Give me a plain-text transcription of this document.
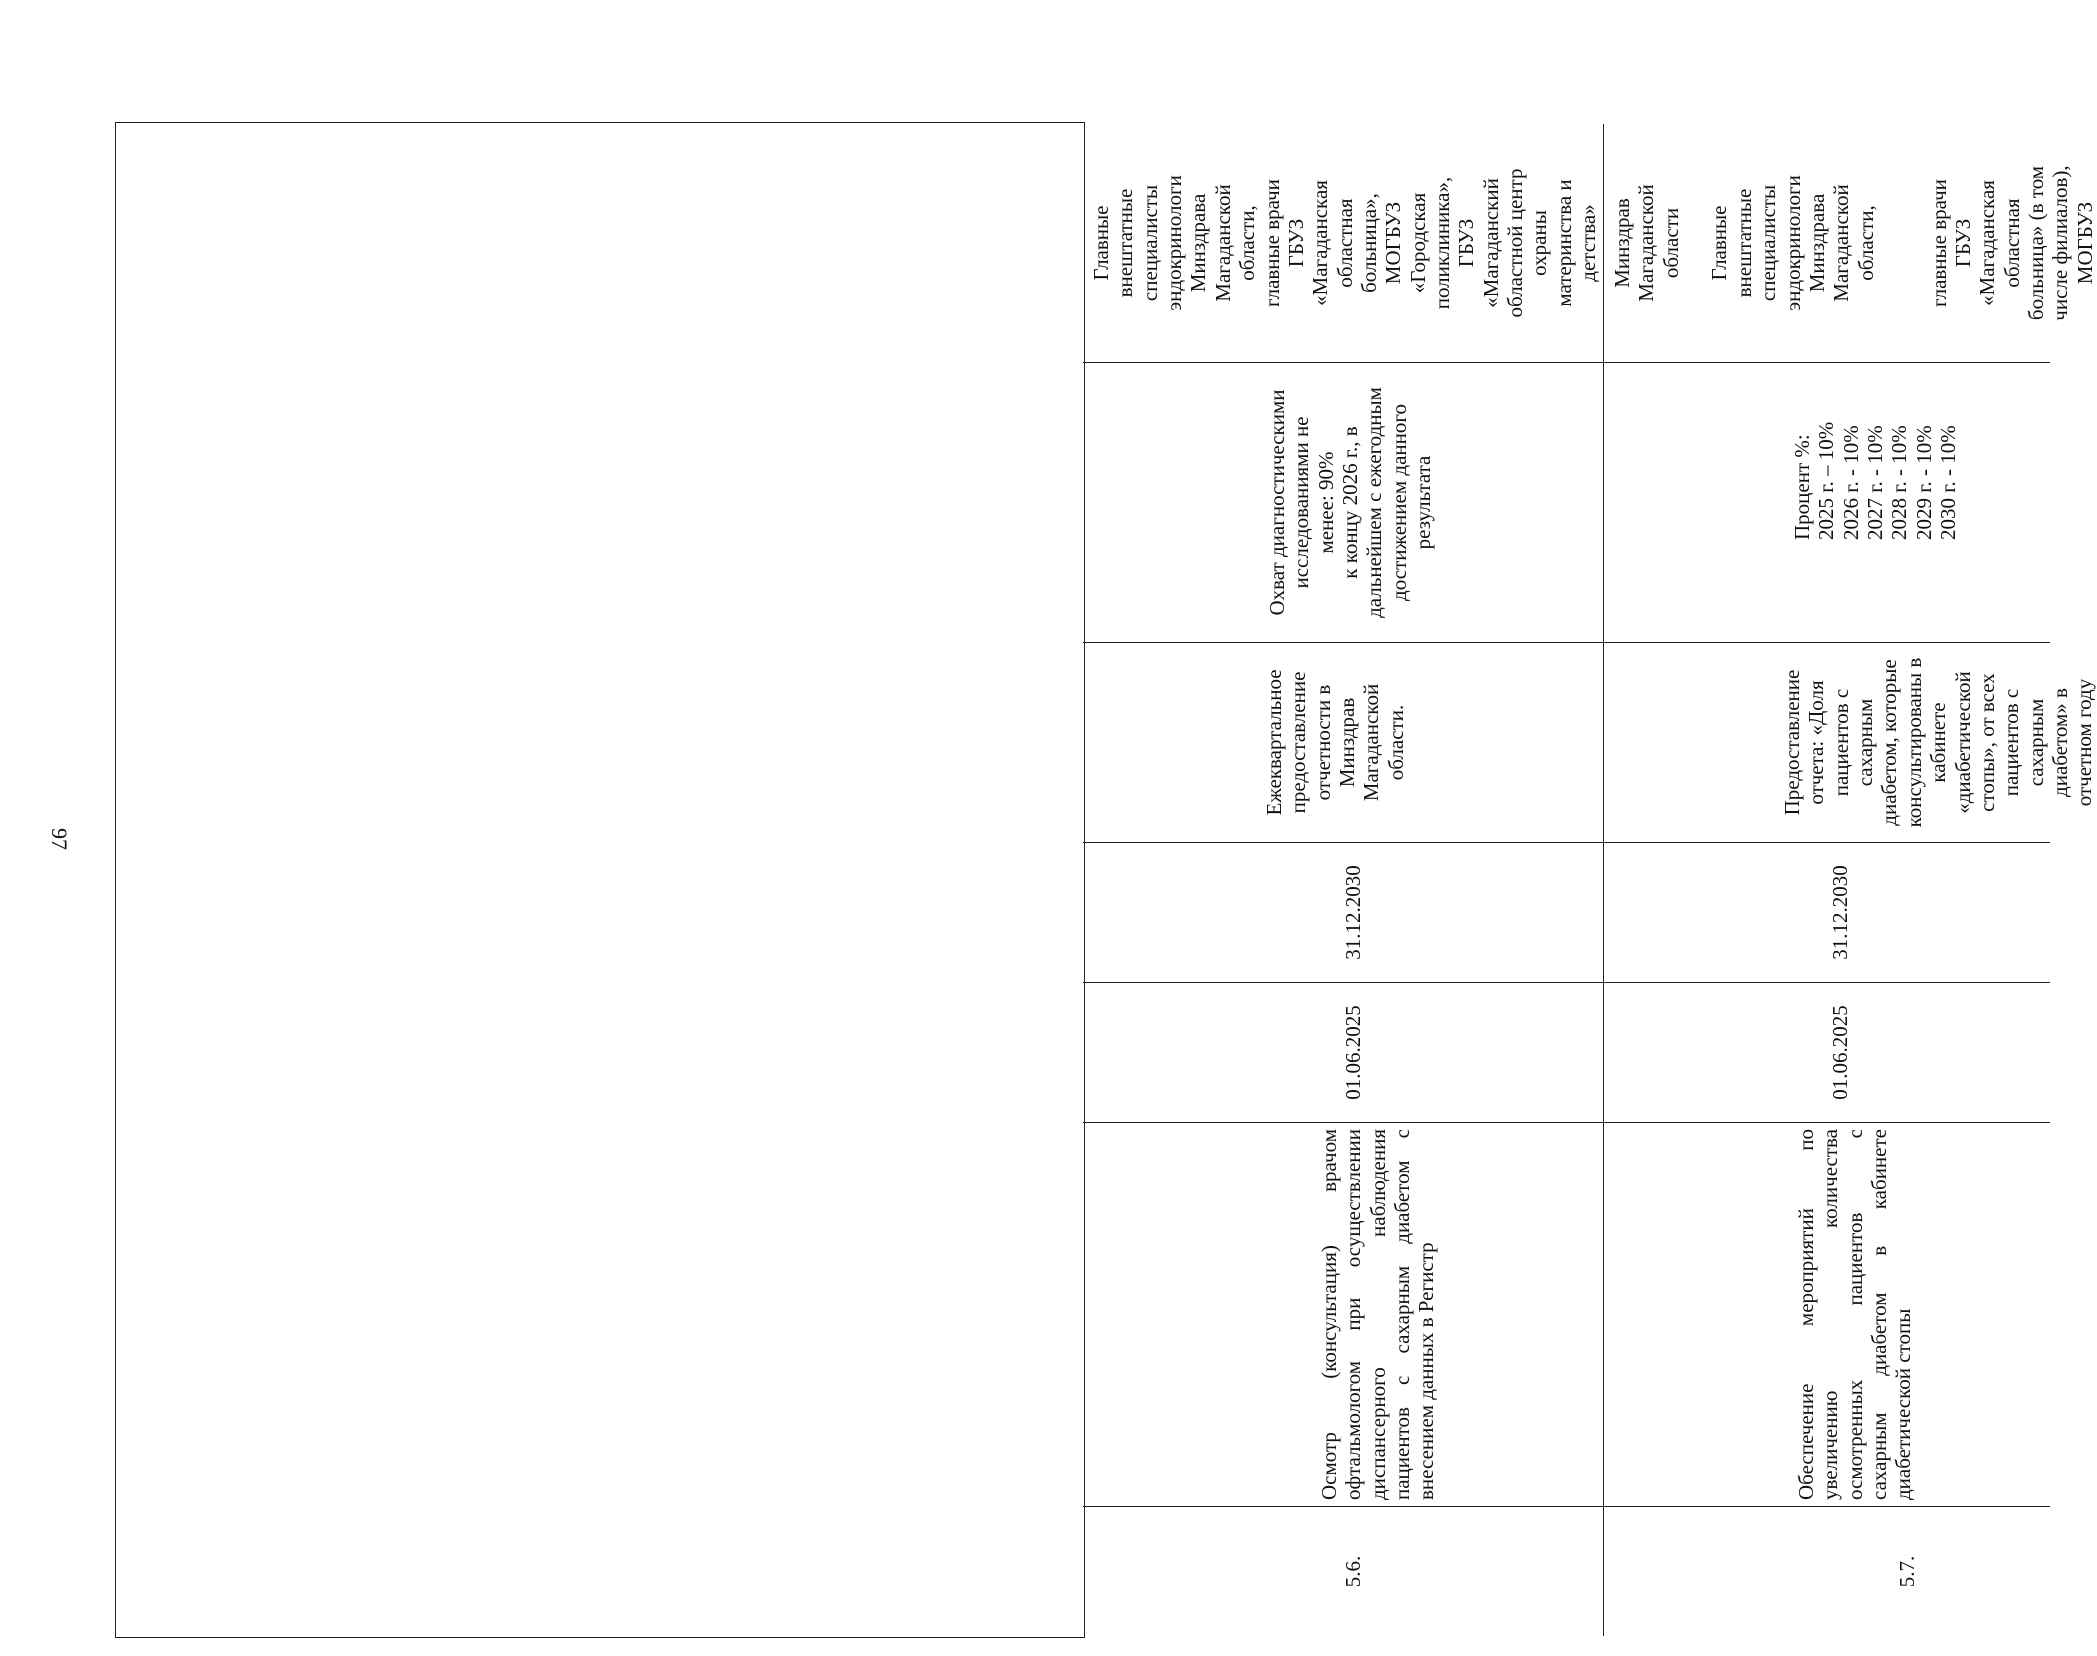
97
5.6.
Осмотр (консультация) врачом офтальмологом при осуществлении диспансерного наблюдения пациентов с сахарным диабетом с внесением данных в Регистр
01.06.2025
31.12.2030
Ежеквартальное предоставление отчетности в Минздрав Магаданской области.
Охват диагностическими исследованиями не менее: 90% к концу 2026 г., в дальнейшем с ежегодным достижением данного результата
Главные внештатные специалисты эндокринологи Минздрава Магаданской области, главные врачи ГБУЗ «Магаданская областная больница», МОГБУЗ «Городская поликлиника», ГБУЗ «Магаданский областной центр охраны материнства и детства»
5.7.
Обеспечение мероприятий по увеличению количества осмотренных пациентов с сахарным диабетом в кабинете диабетической стопы
01.06.2025
31.12.2030
Предоставление отчета: «Доля пациентов с сахарным диабетом, которые консультированы в кабинете «диабетической стопы», от всех пациентов с сахарным диабетом» в отчетном году
Процент %: 2025 г. – 10% 2026 г. - 10% 2027 г. - 10% 2028 г. - 10% 2029 г. - 10% 2030 г. - 10%
Минздрав Магаданской области
Главные внештатные специалисты эндокринологи Минздрава Магаданской области,

главные врачи ГБУЗ «Магаданская областная больница» (в том числе филиалов), МОГБУЗ
